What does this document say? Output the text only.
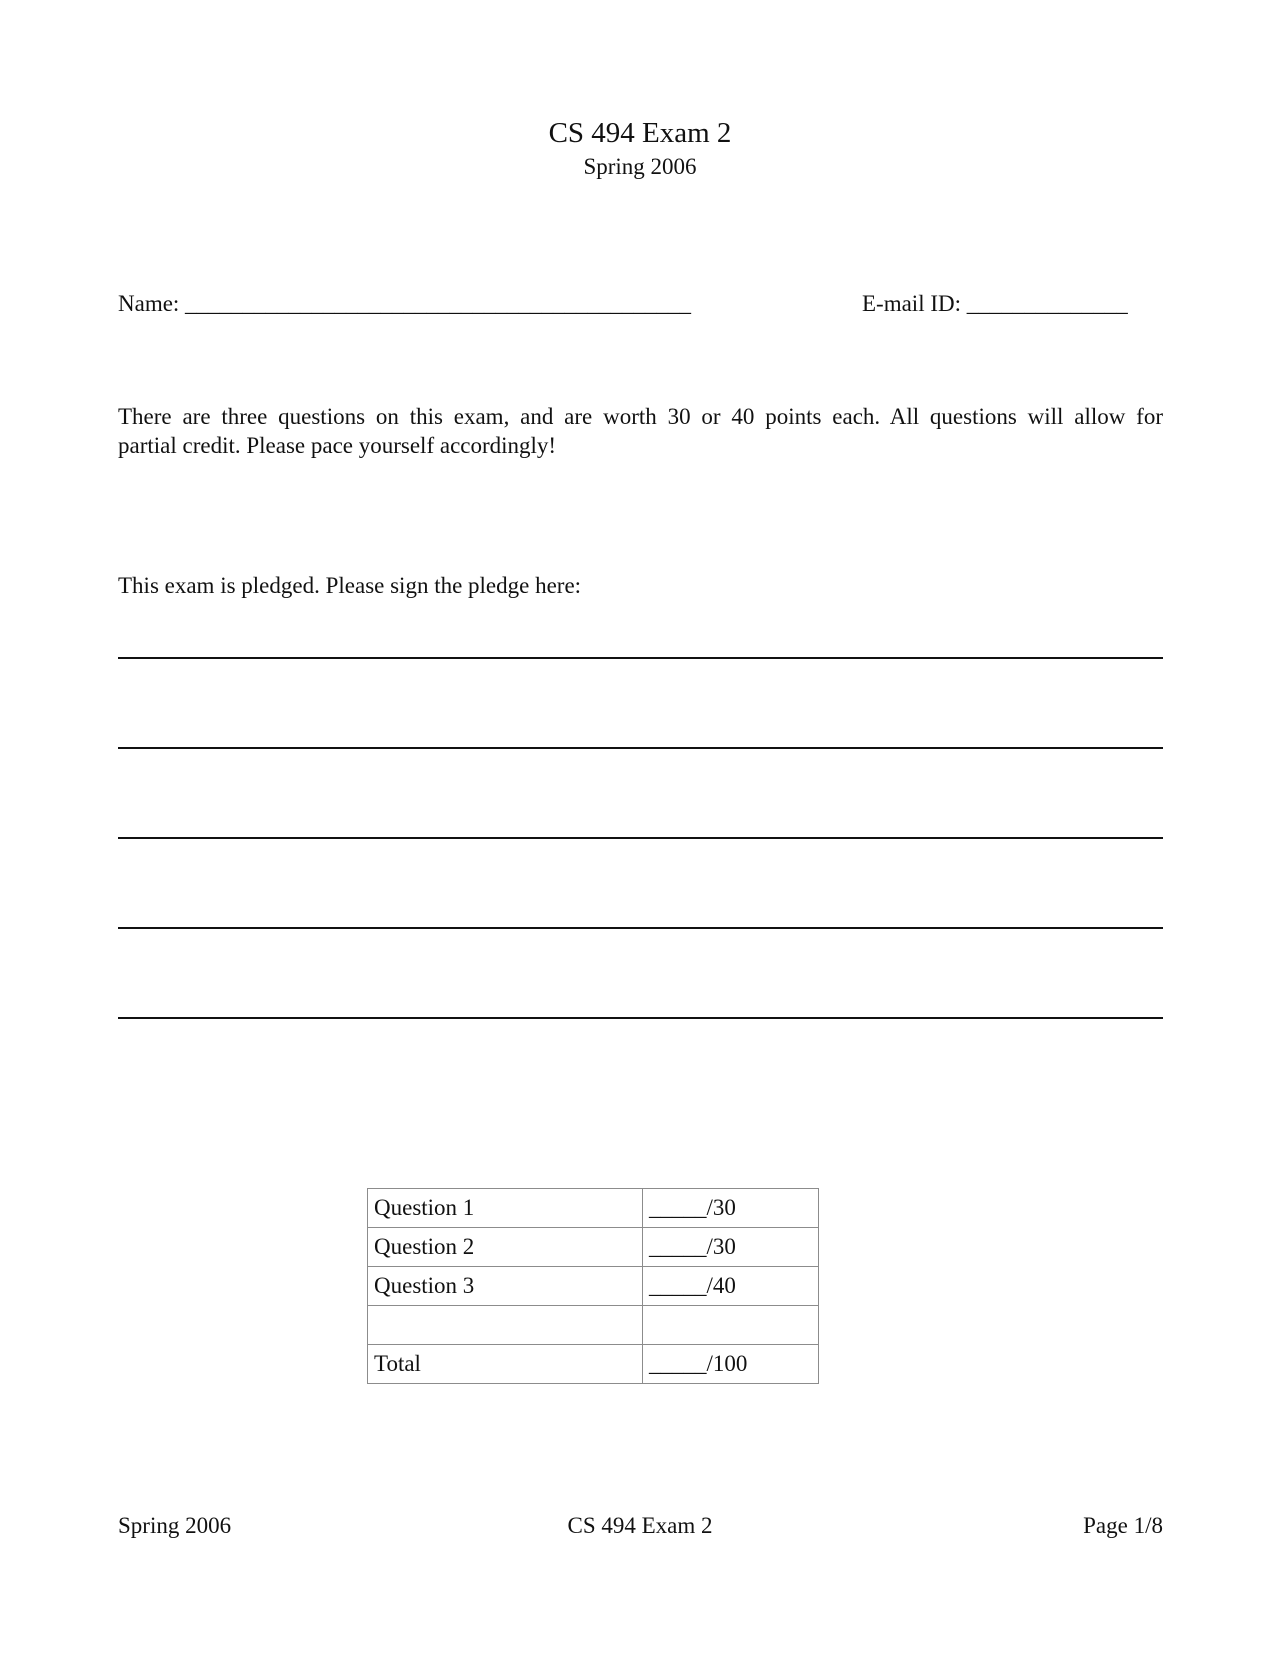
CS 494 Exam 2
Spring 2006
Name: ____________________________________________	E-mail ID: ______________
There are three questions on this exam, and are worth 30 or 40 points each. All questions will allow for
partial credit. Please pace yourself accordingly!
This exam is pledged. Please sign the pledge here:
Question 1	_____/30
Question 2	_____/30
Question 3	_____/40

Total	_____/100
Spring 2006	CS 494 Exam 2	Page 1/8
